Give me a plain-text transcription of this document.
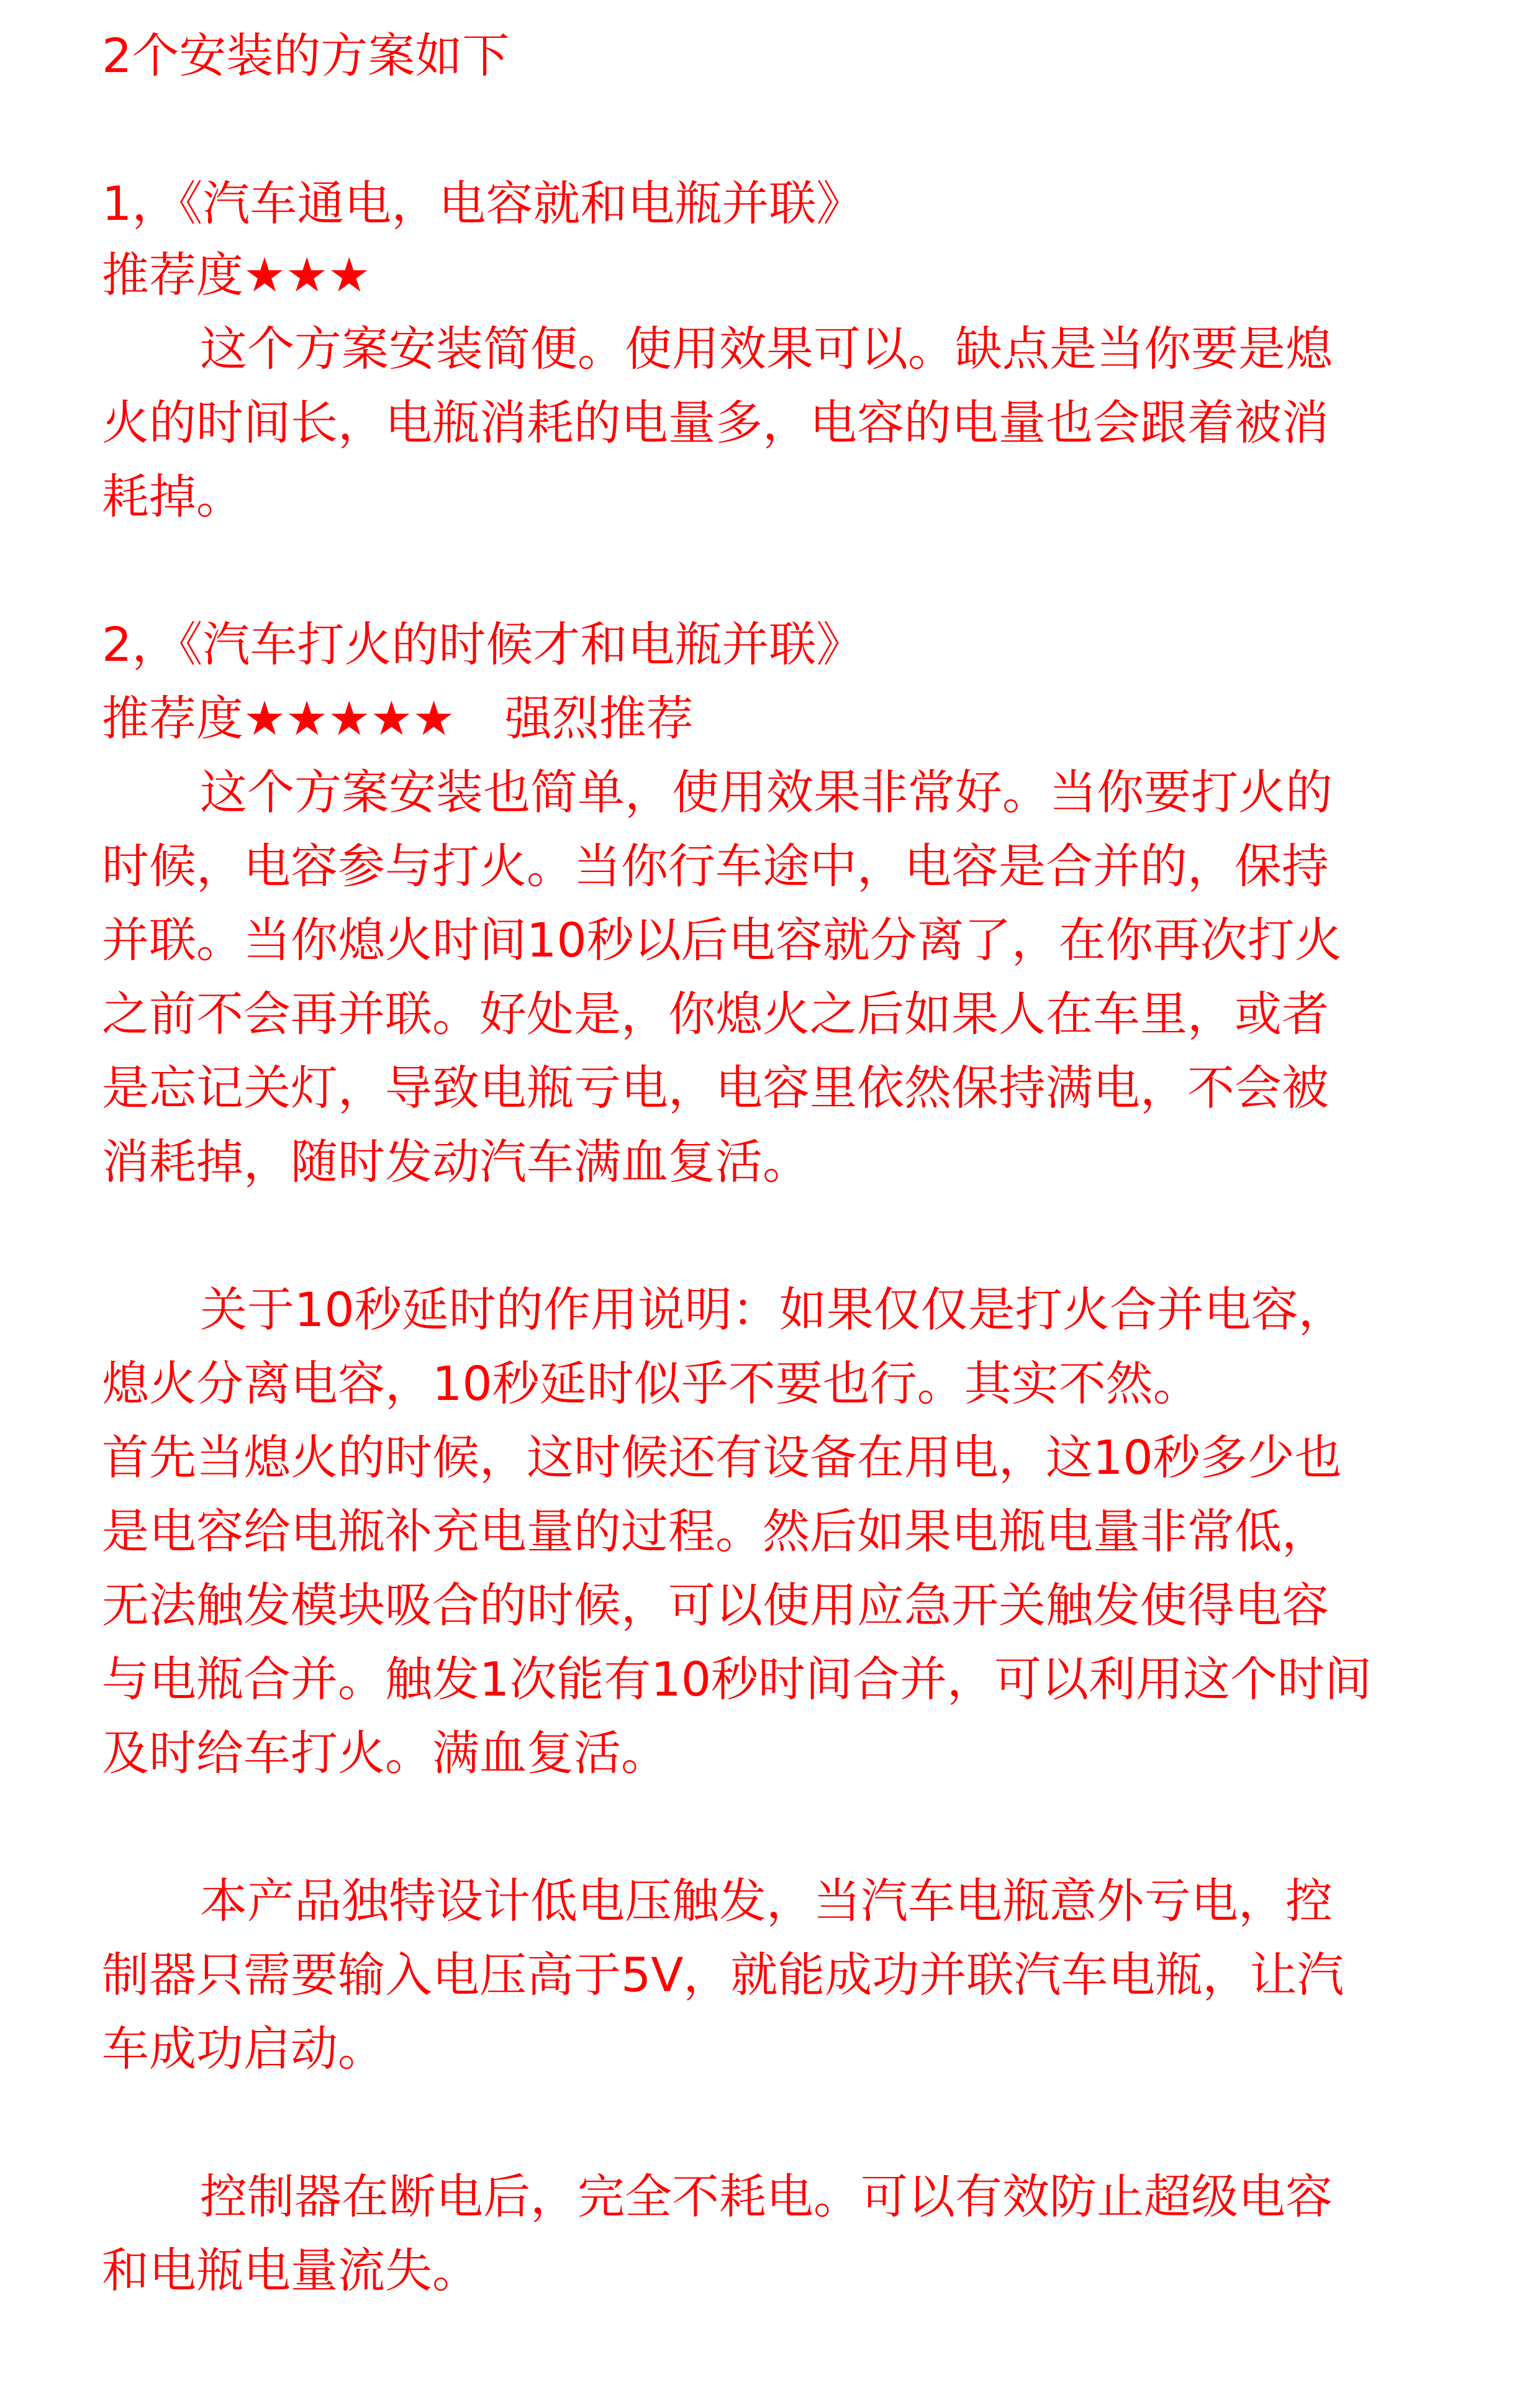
2个安装的方案如下
1，《汽车通电，电容就和电瓶并联》
推荐度★★★
这个方案安装简便。使用效果可以。缺点是当你要是熄
火的时间长，电瓶消耗的电量多，电容的电量也会跟着被消
耗掉。
2，《汽车打火的时候才和电瓶并联》
推荐度★★★★★ 强烈推荐
这个方案安装也简单，使用效果非常好。当你要打火的
时候，电容参与打火。当你行车途中，电容是合并的，保持
并联。当你熄火时间10秒以后电容就分离了，在你再次打火
之前不会再并联。好处是，你熄火之后如果人在车里，或者
是忘记关灯，导致电瓶亏电，电容里依然保持满电，不会被
消耗掉，随时发动汽车满血复活。
关于10秒延时的作用说明：如果仅仅是打火合并电容，
熄火分离电容，10秒延时似乎不要也行。其实不然。
首先当熄火的时候，这时候还有设备在用电，这10秒多少也
是电容给电瓶补充电量的过程。然后如果电瓶电量非常低，
无法触发模块吸合的时候，可以使用应急开关触发使得电容
与电瓶合并。触发1次能有10秒时间合并，可以利用这个时间
及时给车打火。满血复活。
本产品独特设计低电压触发，当汽车电瓶意外亏电，控
制器只需要输入电压高于5V，就能成功并联汽车电瓶，让汽
车成功启动。
控制器在断电后，完全不耗电。可以有效防止超级电容
和电瓶电量流失。
